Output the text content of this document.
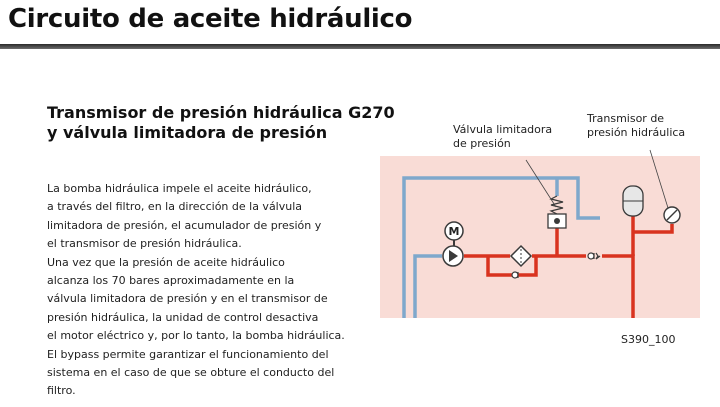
Circuito de aceite hidráulico
Transmisor de presión hidráulica G270
y válvula limitadora de presión
La bomba hidráulica impele el aceite hidráulico,
a través del filtro, en la dirección de la válvula
limitadora de presión, el acumulador de presión y
el transmisor de presión hidráulica.
Una vez que la presión de aceite hidráulico
alcanza los 70 bares aproximadamente en la
válvula limitadora de presión y en el transmisor de
presión hidráulica, la unidad de control desactiva
el motor eléctrico y, por lo tanto, la bomba hidráulica.
El bypass permite garantizar el funcionamiento del
sistema en el caso de que se obture el conducto del
filtro.
M
Válvula limitadora
de presión
Transmisor de
presión hidráulica
S390_100
